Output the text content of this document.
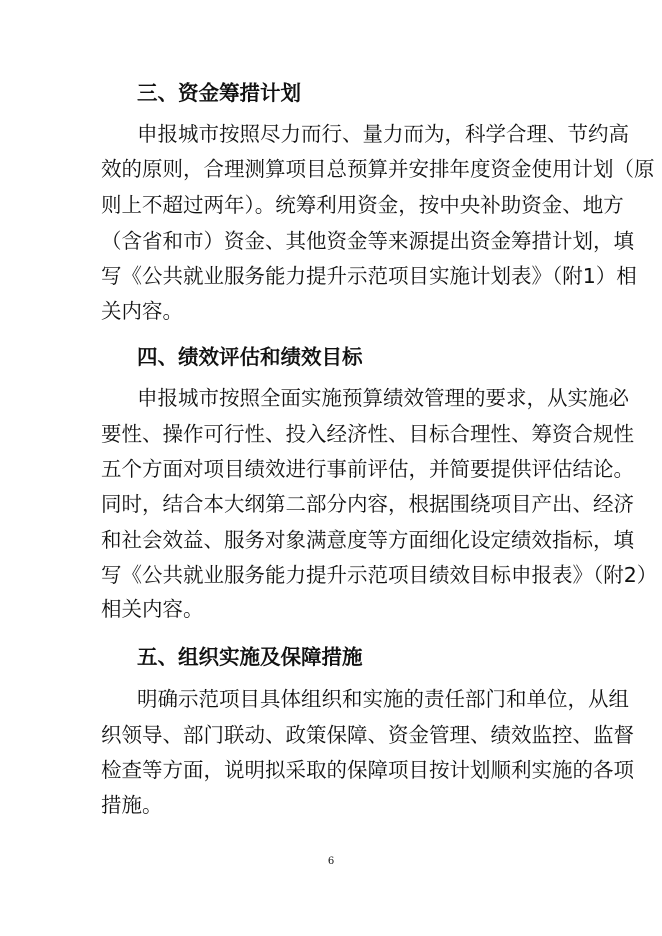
三、资金筹措计划
申报城市按照尽力而行、量力而为，科学合理、节约高
效的原则，合理测算项目总预算并安排年度资金使用计划（原
则上不超过两年）。统筹利用资金，按中央补助资金、地方
（含省和市）资金、其他资金等来源提出资金筹措计划，填
写《公共就业服务能力提升示范项目实施计划表》（附1）相
关内容。
四、绩效评估和绩效目标
申报城市按照全面实施预算绩效管理的要求，从实施必
要性、操作可行性、投入经济性、目标合理性、筹资合规性
五个方面对项目绩效进行事前评估，并简要提供评估结论。
同时，结合本大纲第二部分内容，根据围绕项目产出、经济
和社会效益、服务对象满意度等方面细化设定绩效指标，填
写《公共就业服务能力提升示范项目绩效目标申报表》（附2）
相关内容。
五、组织实施及保障措施
明确示范项目具体组织和实施的责任部门和单位，从组
织领导、部门联动、政策保障、资金管理、绩效监控、监督
检查等方面，说明拟采取的保障项目按计划顺利实施的各项
措施。
6
